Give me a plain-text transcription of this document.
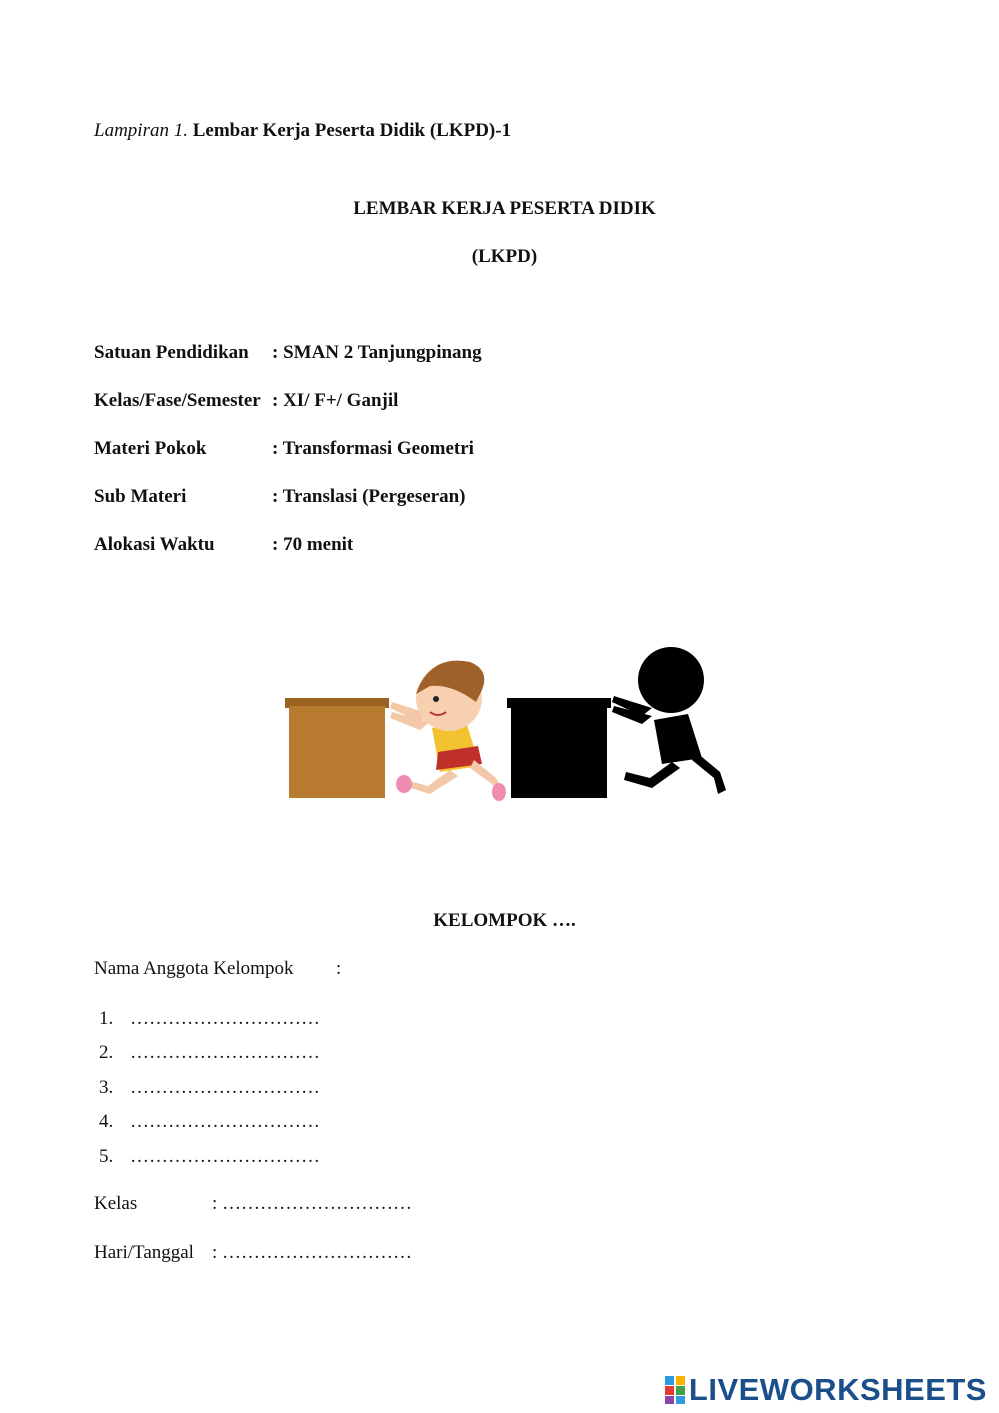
Lampiran 1. Lembar Kerja Peserta Didik (LKPD)-1
LEMBAR KERJA PESERTA DIDIK
(LKPD)
Satuan Pendidikan : SMAN 2 Tanjungpinang
Kelas/Fase/Semester : XI/ F+/ Ganjil
Materi Pokok	: Transformasi Geometri
Sub Materi	: Translasi (Pergeseran)
Alokasi Waktu	: 70 menit
KELOMPOK ….
Nama Anggota Kelompok :
1. …………………………
2. …………………………
3. …………………………
4. …………………………
5. …………………………
Kelas	: …………………………
Hari/Tanggal : …………………………
LIVEWORKSHEETS
